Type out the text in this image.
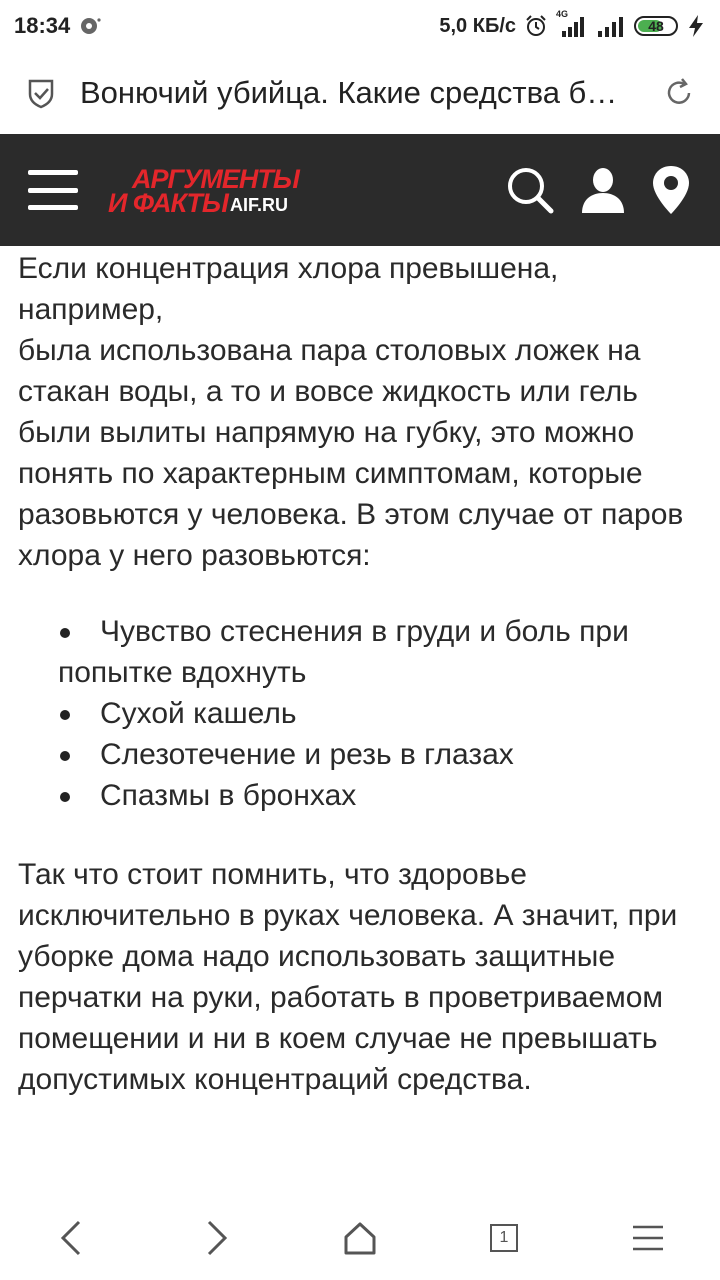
18:34	5,0 КБ/с
4G
48
Вонючий убийца. Какие средства б…
АРГУМЕНТЫ
И ФАКТЫ AIF.RU

Если концентрация хлора превышена, например,

была использована пара столовых ложек на стакан воды, а то и вовсе жидкость или гель были вылиты напрямую на губку, это можно понять по характерным симптомам, которые разовьются у человека. В этом случае от паров хлора у него разовьются:

Чувство стеснения в груди и боль при попытке вдохнуть
Сухой кашель
Слезотечение и резь в глазах
Спазмы в бронхах

Так что стоит помнить, что здоровье исключительно в руках человека. А значит, при уборке дома надо использовать защитные перчатки на руки, работать в проветриваемом помещении и ни в коем случае не превышать допустимых концентраций средства.

1
